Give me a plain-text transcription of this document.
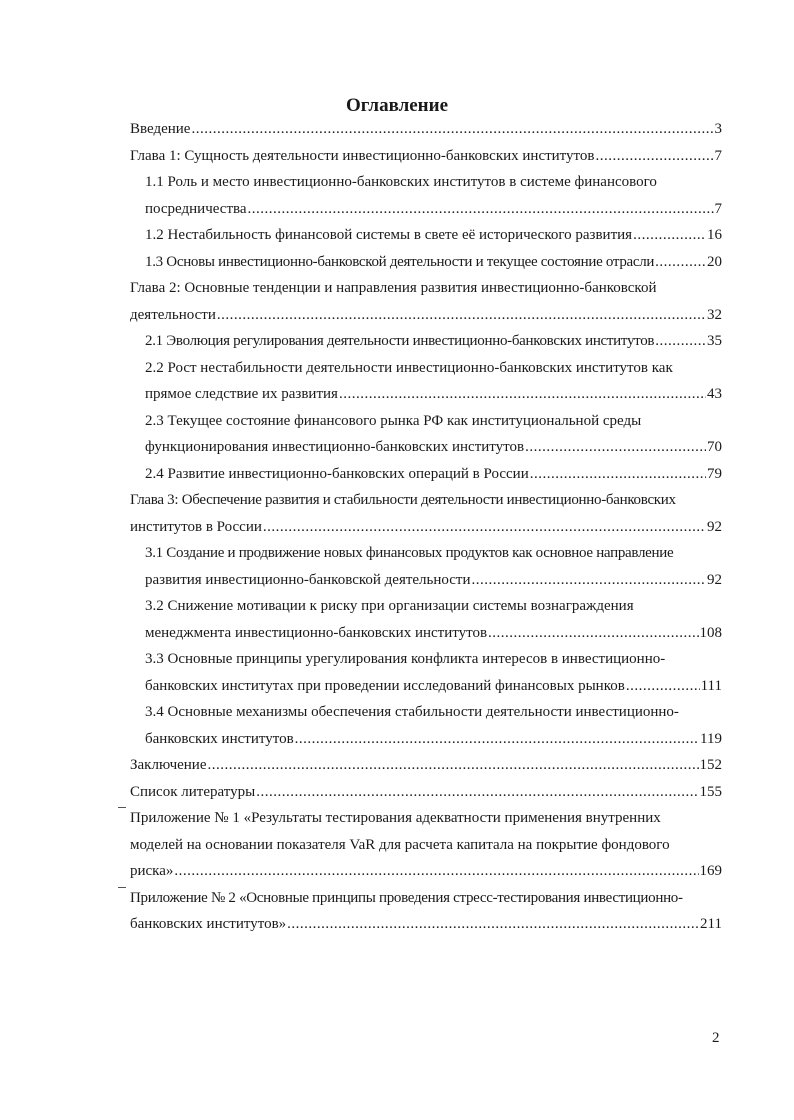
Оглавление
Введение .....	3
Глава 1: Сущность деятельности инвестиционно-банковских институтов .....	7
1.1 Роль и место инвестиционно-банковских институтов в системе финансового
посредничества .....	7
1.2 Нестабильность финансовой системы в свете её исторического развития .....	16
1.3 Основы инвестиционно-банковской деятельности и текущее состояние отрасли .....	20
Глава 2: Основные тенденции и направления развития инвестиционно-банковской
деятельности .....	32
2.1 Эволюция регулирования деятельности инвестиционно-банковских институтов .....	35
2.2 Рост нестабильности деятельности инвестиционно-банковских институтов как
прямое следствие их развития .....	43
2.3 Текущее состояние финансового рынка РФ как институциональной среды
функционирования инвестиционно-банковских институтов .....	70
2.4 Развитие инвестиционно-банковских операций в России .....	79
Глава 3: Обеспечение развития и стабильности деятельности инвестиционно-банковских
институтов в России .....	92
3.1 Создание и продвижение новых финансовых продуктов как основное направление
развития инвестиционно-банковской деятельности .....	92
3.2 Снижение мотивации к риску при организации системы вознаграждения
менеджмента инвестиционно-банковских институтов .....	108
3.3 Основные принципы урегулирования конфликта интересов в инвестиционно-
банковских институтах при проведении исследований финансовых рынков .....	111
3.4 Основные механизмы обеспечения стабильности деятельности инвестиционно-
банковских институтов .....	119
Заключение .....	152
Список литературы .....	155
Приложение № 1 «Результаты тестирования адекватности применения внутренних
моделей на основании показателя VaR для расчета капитала на покрытие фондового
риска» .....	169
Приложение № 2 «Основные принципы проведения стресс-тестирования инвестиционно-
банковских институтов» .....	211
2
